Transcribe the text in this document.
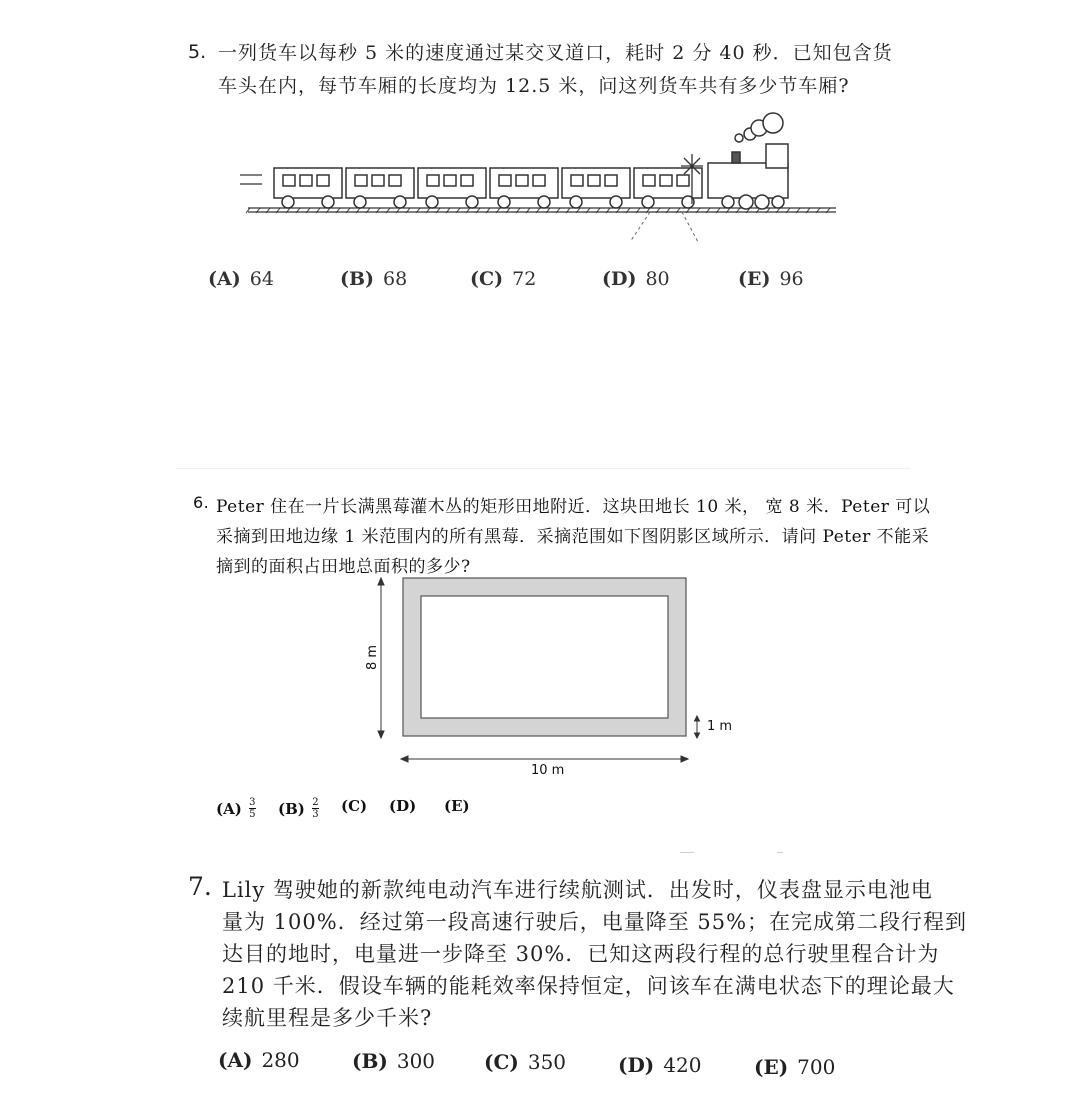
5. 一列货车以每秒 5 米的速度通过某交叉道口，耗时 2 分 40 秒．已知包含货
车头在内，每节车厢的长度均为 12.5 米，问这列货车共有多少节车厢?
(A) 64	(B) 68	(C) 72	(D) 80	(E) 96
6. Peter 住在一片长满黑莓灌木丛的矩形田地附近．这块田地长 10 米， 宽 8 米．Peter 可以
采摘到田地边缘 1 米范围内的所有黑莓．采摘范围如下图阴影区域所示．请问 Peter 不能采
摘到的面积占田地总面积的多少?
8 m
10 m
1 m
$(A) \frac{3}{5} (B) \frac{2}{3} (C)$ (D) (E)
7. Lily 驾驶她的新款纯电动汽车进行续航测试．出发时，仪表盘显示电池电
量为 100%．经过第一段高速行驶后，电量降至 55%；在完成第二段行程到
达目的地时，电量进一步降至 30%．已知这两段行程的总行驶里程合计为
210 千米．假设车辆的能耗效率保持恒定，问该车在满电状态下的理论最大
续航里程是多少千米?
(A) 280	(B) 300 (C) 350	(D) 420	(E) 700
